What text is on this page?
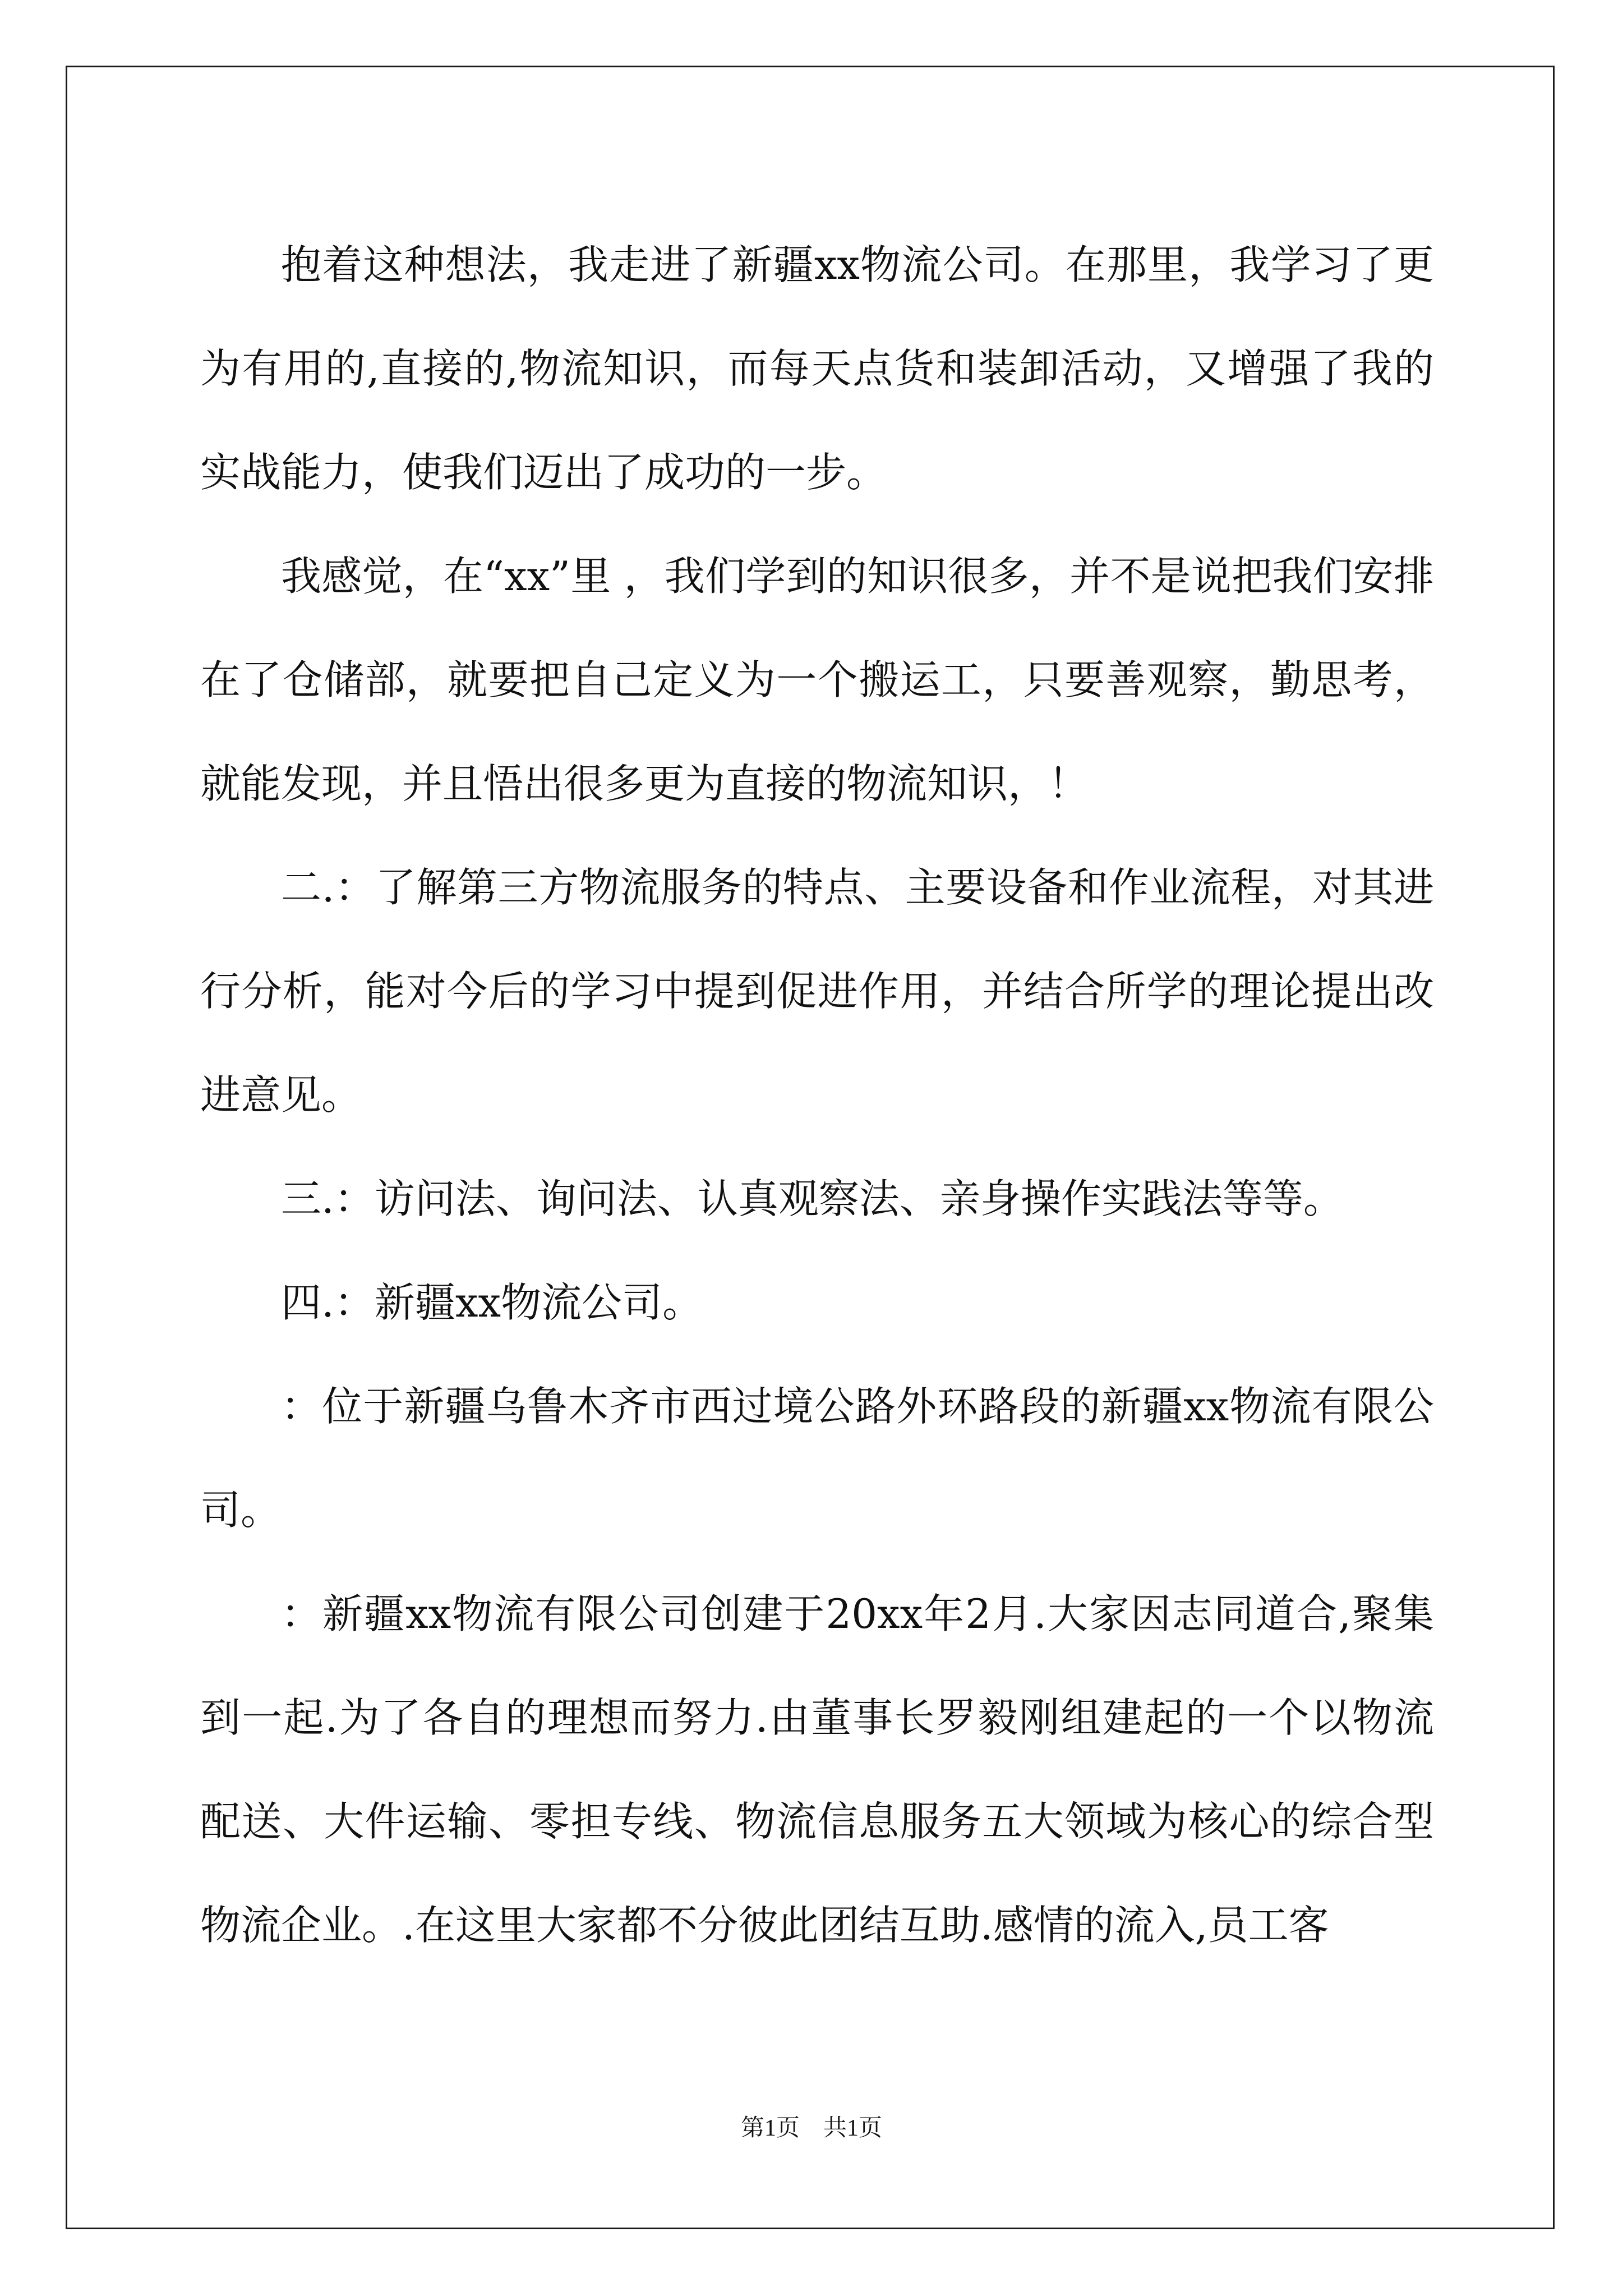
抱着这种想法，我走进了新疆xx物流公司。在那里，我学习了更为有用的,直接的,物流知识，而每天点货和装卸活动，又增强了我的实战能力，使我们迈出了成功的一步。

我感觉，在“xx”里 ，我们学到的知识很多，并不是说把我们安排在了仓储部，就要把自己定义为一个搬运工，只要善观察，勤思考，就能发现，并且悟出很多更为直接的物流知识，！

二.：了解第三方物流服务的特点、主要设备和作业流程，对其进行分析，能对今后的学习中提到促进作用，并结合所学的理论提出改进意见。

三.：访问法、询问法、认真观察法、亲身操作实践法等等。

四.：新疆xx物流公司。

：位于新疆乌鲁木齐市西过境公路外环路段的新疆xx物流有限公司。

：新疆xx物流有限公司创建于20xx年2月.大家因志同道合,聚集到一起.为了各自的理想而努力.由董事长罗毅刚组建起的一个以物流配送、大件运输、零担专线、物流信息服务五大领域为核心的综合型物流企业。.在这里大家都不分彼此团结互助.感情的流入,员工客

第1页　共1页
